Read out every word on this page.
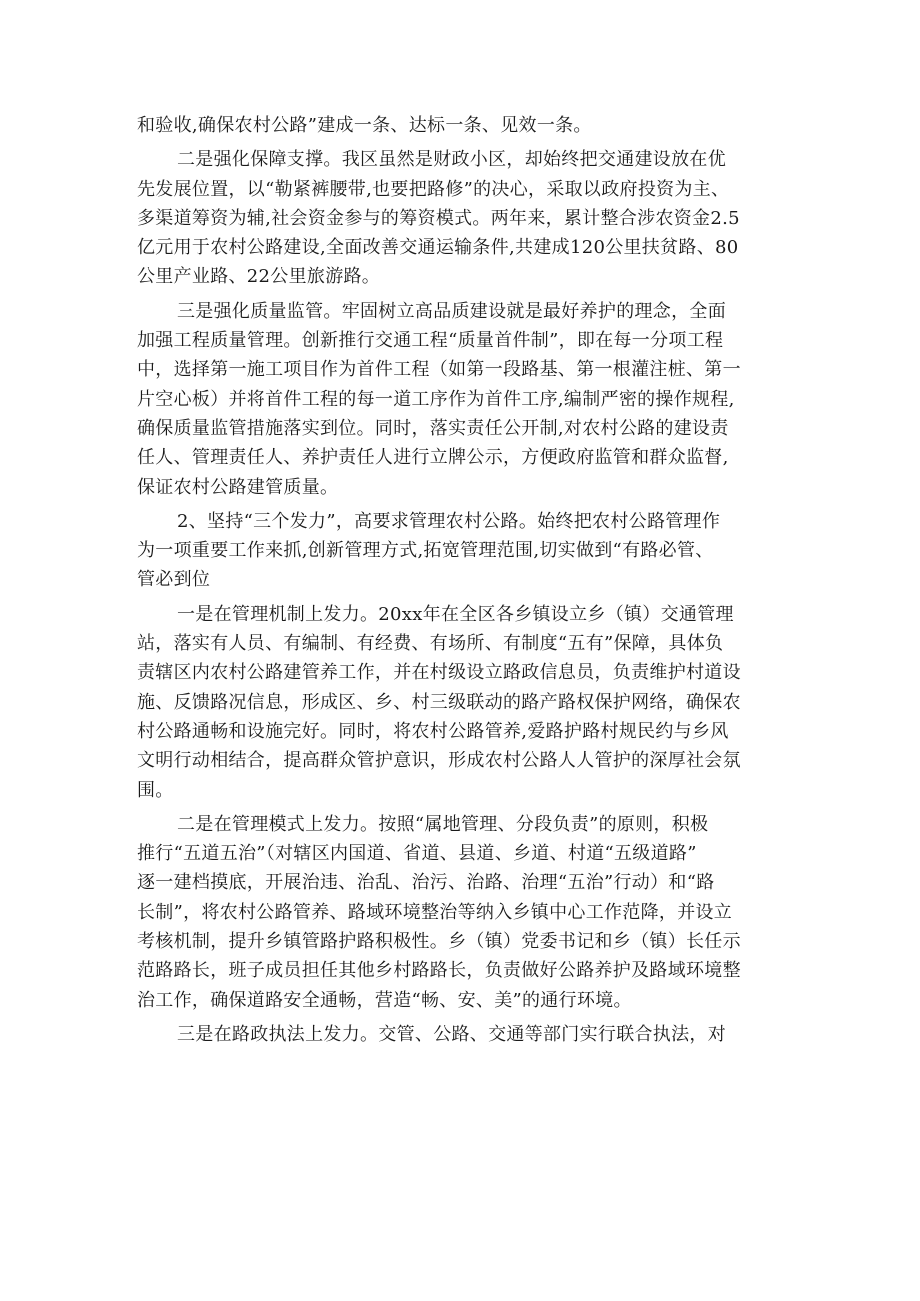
和验收,确保农村公路”建成一条、达标一条、见效一条。
二是强化保障支撑。我区虽然是财政小区，却始终把交通建设放在优
先发展位置，以“勒紧裤腰带,也要把路修”的决心，采取以政府投资为主、
多渠道筹资为辅,社会资金参与的筹资模式。两年来，累计整合涉农资金2.5
亿元用于农村公路建设,全面改善交通运输条件,共建成120公里扶贫路、80
公里产业路、22公里旅游路。
三是强化质量监管。牢固树立高品质建设就是最好养护的理念，全面
加强工程质量管理。创新推行交通工程“质量首件制”，即在每一分项工程
中，选择第一施工项目作为首件工程（如第一段路基、第一根灌注桩、第一
片空心板）并将首件工程的每一道工序作为首件工序,编制严密的操作规程,
确保质量监管措施落实到位。同时，落实责任公开制,对农村公路的建设责
任人、管理责任人、养护责任人进行立牌公示，方便政府监管和群众监督,
保证农村公路建管质量。
2、坚持“三个发力”，高要求管理农村公路。始终把农村公路管理作
为一项重要工作来抓,创新管理方式,拓宽管理范围,切实做到“有路必管、
管必到位
一是在管理机制上发力。20xx年在全区各乡镇设立乡（镇）交通管理
站，落实有人员、有编制、有经费、有场所、有制度“五有”保障，具体负
责辖区内农村公路建管养工作，并在村级设立路政信息员，负责维护村道设
施、反馈路况信息，形成区、乡、村三级联动的路产路权保护网络，确保农
村公路通畅和设施完好。同时，将农村公路管养,爱路护路村规民约与乡风
文明行动相结合，提高群众管护意识，形成农村公路人人管护的深厚社会氛
围。
二是在管理模式上发力。按照“属地管理、分段负责”的原则，积极
推行“五道五治”（对辖区内国道、省道、县道、乡道、村道“五级道路”
逐一建档摸底，开展治违、治乱、治污、治路、治理“五治”行动）和“路
长制”，将农村公路管养、路域环境整治等纳入乡镇中心工作范降，并设立
考核机制，提升乡镇管路护路积极性。乡（镇）党委书记和乡（镇）长任示
范路路长，班子成员担任其他乡村路路长，负责做好公路养护及路域环境整
治工作，确保道路安全通畅，营造“畅、安、美”的通行环境。
三是在路政执法上发力。交管、公路、交通等部门实行联合执法，对
